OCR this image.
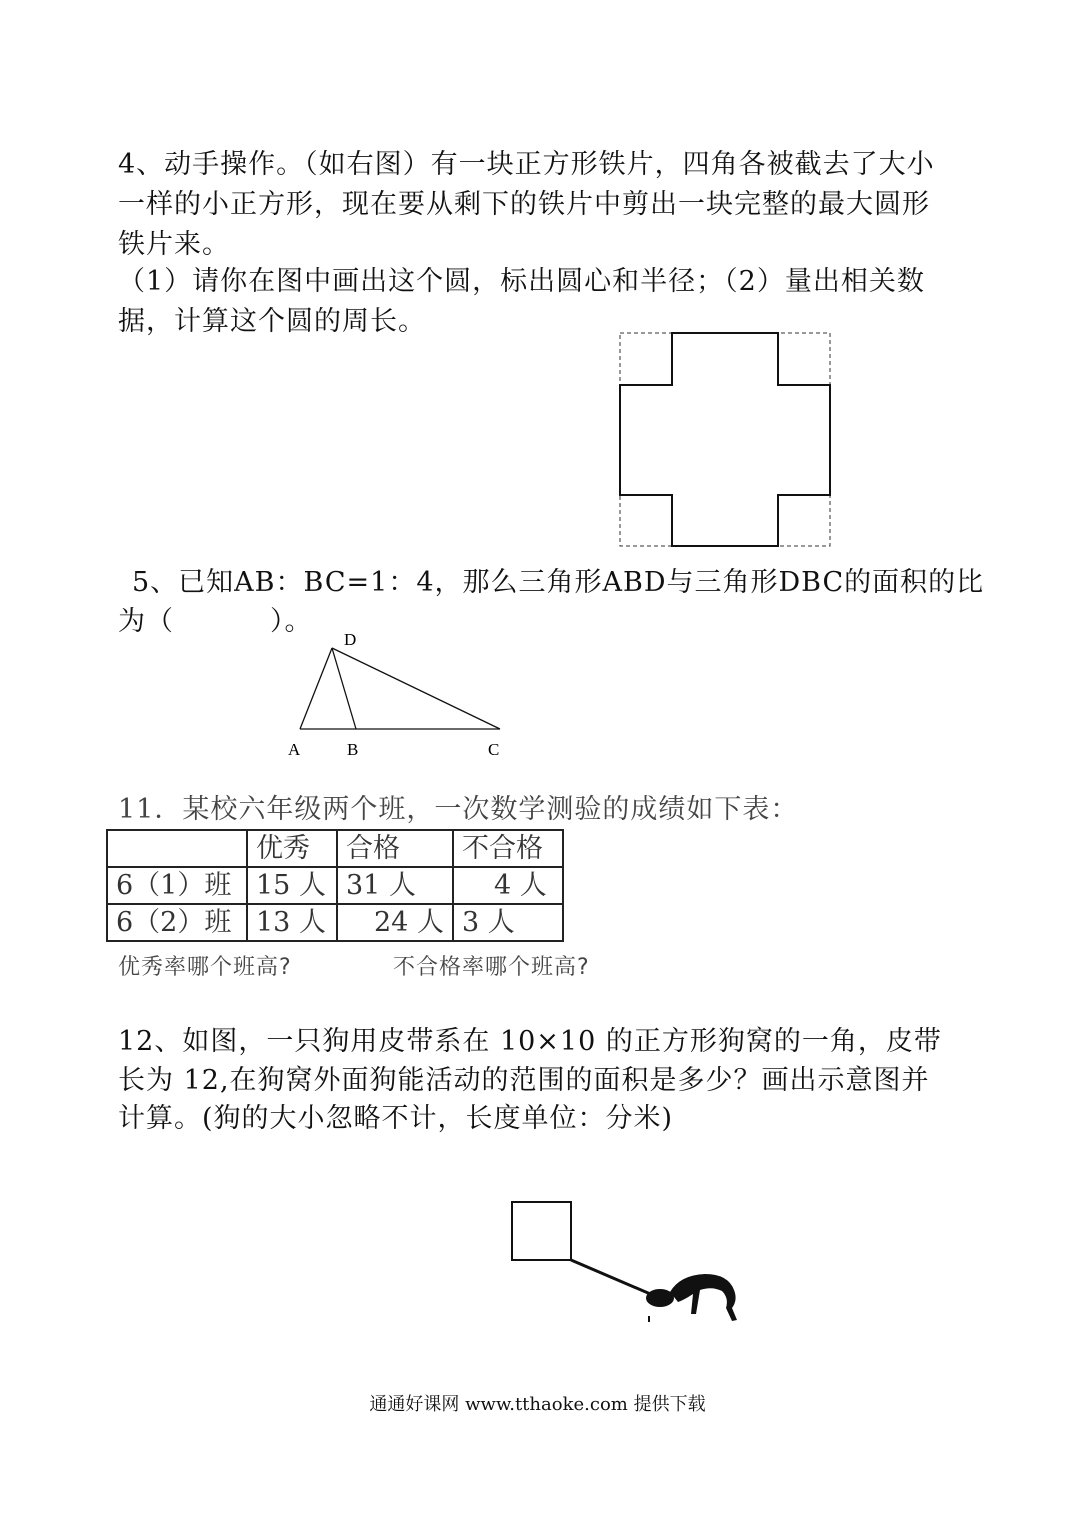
4、动手操作。（如右图）有一块正方形铁片，四角各被截去了大小
一样的小正方形，现在要从剩下的铁片中剪出一块完整的最大圆形
铁片来。
（1）请你在图中画出这个圆，标出圆心和半径；（2）量出相关数
据，计算这个圆的周长。
5、已知AB：BC=1：4，那么三角形ABD与三角形DBC的面积的比
为（	）。
D
A	B	C
11．某校六年级两个班，一次数学测验的成绩如下表：
	优秀	合格	不合格
6（1）班	15 人	31 人	4 人
6（2）班	13 人	24 人	3 人
优秀率哪个班高?	不合格率哪个班高?
12、如图，一只狗用皮带系在 10×10 的正方形狗窝的一角，皮带
长为 12,在狗窝外面狗能活动的范围的面积是多少？画出示意图并
计算。(狗的大小忽略不计，长度单位：分米)
通通好课网 www.tthaoke.com 提供下载
